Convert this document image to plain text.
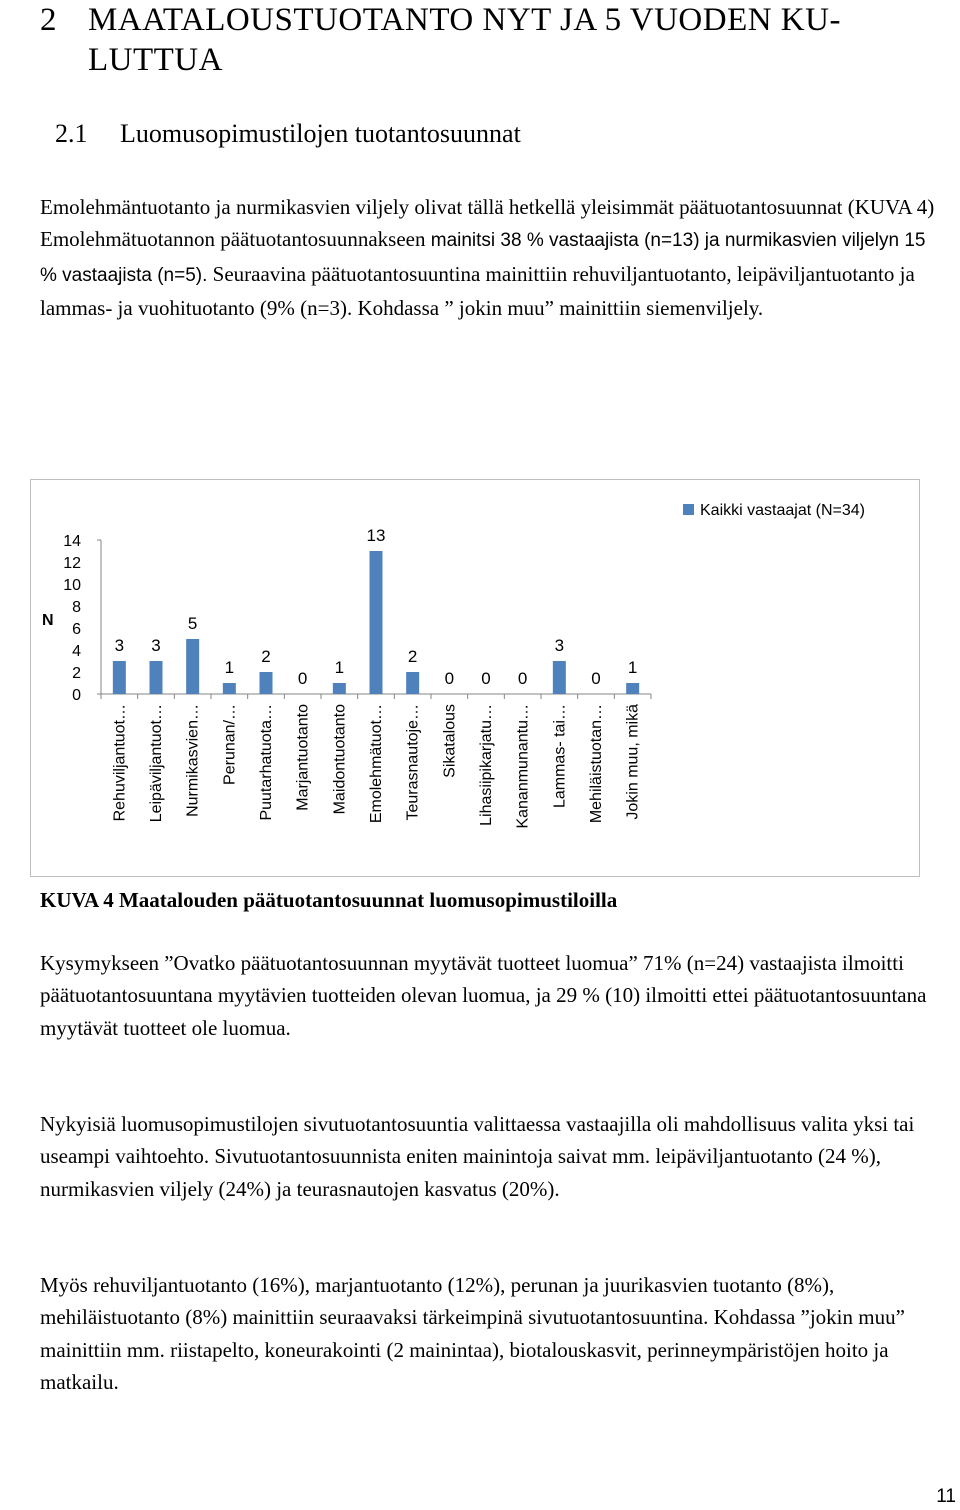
2 MAATALOUSTUOTANTO NYT JA 5 VUODEN KU-
LUTTUA
2.1 Luomusopimustilojen tuotantosuunnat

Emolehmäntuotanto ja nurmikasvien viljely olivat tällä hetkellä yleisimmät päätuotantosuunnat (KUVA 4) Emolehmätuotannon päätuotantosuunnakseen mainitsi 38 % vastaajista (n=13) ja nurmikasvien viljelyn 15 % vastaajista (n=5). Seuraavina päätuotantosuuntina mainittiin rehuviljantuotanto, leipäviljantuotanto ja lammas- ja vuohituotanto (9% (n=3). Kohdassa ” jokin muu” mainittiin siemenviljely.

N
0
2
4
6
8
10
12
14
3
Rehuviljantuot…
3
Leipäviljantuot…
5
Nurmikasvien…
1
Perunan/…
2
Puutarhatuota…
0
Marjantuotanto
1
Maidontuotanto
13
Emolehmätuot…
2
Teurasnautoje…
0
Sikatalous
0
Lihasiipikarjatu…
0
Kananmunantu…
3
Lammas- tai…
0
Mehiläistuotan…
1
Jokin muu, mikä
Kaikki vastaajat (N=34)

KUVA 4 Maatalouden päätuotantosuunnat luomusopimustiloilla

Kysymykseen ”Ovatko päätuotantosuunnan myytävät tuotteet luomua” 71% (n=24) vastaajista ilmoitti päätuotantosuuntana myytävien tuotteiden olevan luomua, ja 29 % (10) ilmoitti ettei päätuotantosuuntana myytävät tuotteet ole luomua.

Nykyisiä luomusopimustilojen sivutuotantosuuntia valittaessa vastaajilla oli mahdollisuus valita yksi tai useampi vaihtoehto. Sivutuotantosuunnista eniten mainintoja saivat mm. leipäviljantuotanto (24 %), nurmikasvien viljely (24%) ja teurasnautojen kasvatus (20%).

Myös rehuviljantuotanto (16%), marjantuotanto (12%), perunan ja juurikasvien tuotanto (8%), mehiläistuotanto (8%) mainittiin seuraavaksi tärkeimpinä sivutuotantosuuntina. Kohdassa ”jokin muu” mainittiin mm. riistapelto, koneurakointi (2 mainintaa), biotalouskasvit, perinneympäristöjen hoito ja matkailu.

11
